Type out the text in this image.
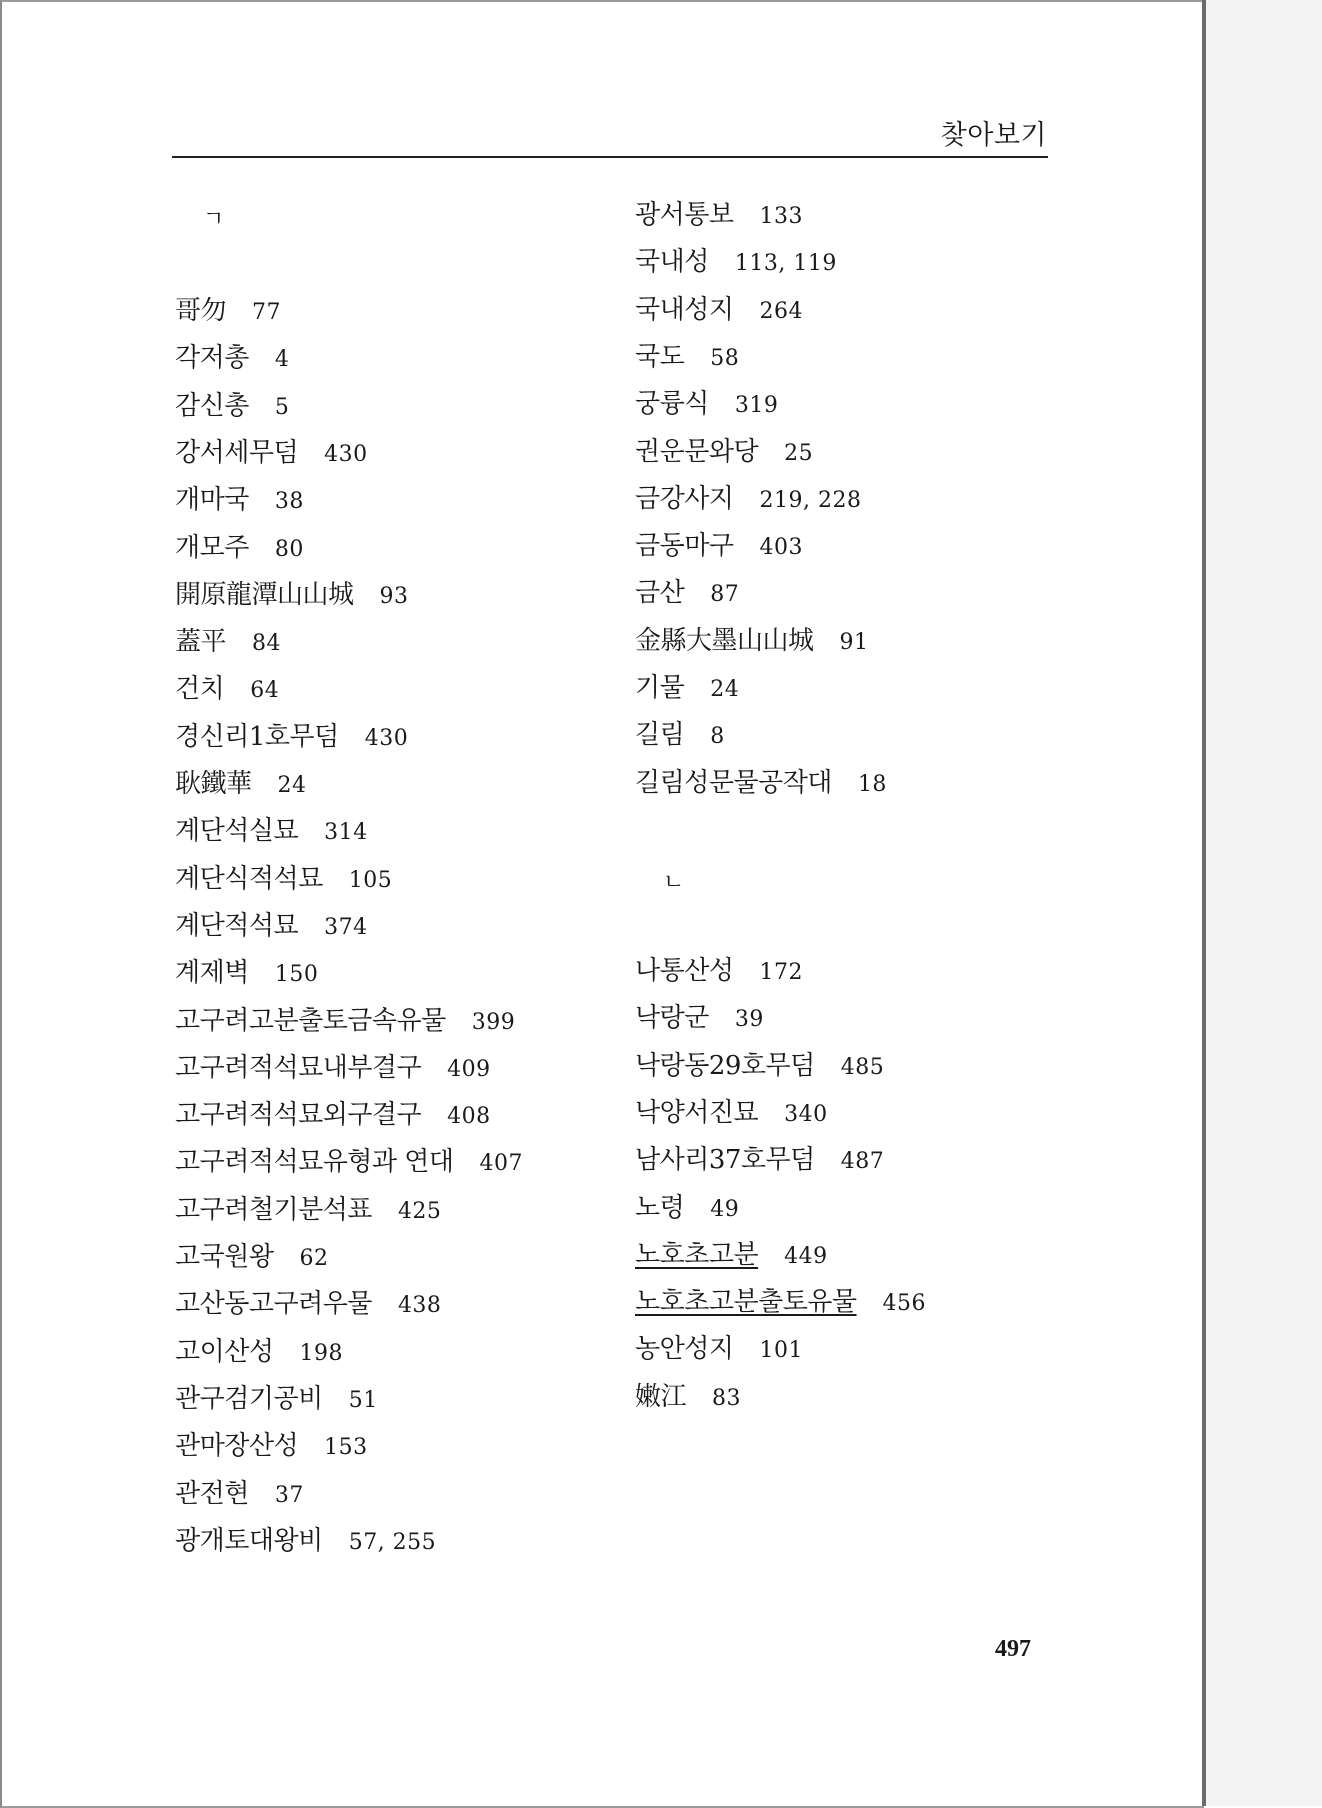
찾아보기
ㄱ
哥勿 77
각저총 4
감신총 5
강서세무덤 430
개마국 38
개모주 80
開原龍潭山山城 93
蓋平 84
건치 64
경신리1호무덤 430
耿鐵華 24
계단석실묘 314
계단식적석묘 105
계단적석묘 374
계제벽 150
고구려고분출토금속유물 399
고구려적석묘내부결구 409
고구려적석묘외구결구 408
고구려적석묘유형과 연대 407
고구려철기분석표 425
고국원왕 62
고산동고구려우물 438
고이산성 198
관구검기공비 51
관마장산성 153
관전현 37
광개토대왕비 57, 255
광서통보 133
국내성 113, 119
국내성지 264
국도 58
궁륭식 319
권운문와당 25
금강사지 219, 228
금동마구 403
금산 87
金縣大墨山山城 91
기물 24
길림 8
길림성문물공작대 18
ㄴ
나통산성 172
낙랑군 39
낙랑동29호무덤 485
낙양서진묘 340
남사리37호무덤 487
노령 49
노호초고분 449
노호초고분출토유물 456
농안성지 101
嫩江 83
497
